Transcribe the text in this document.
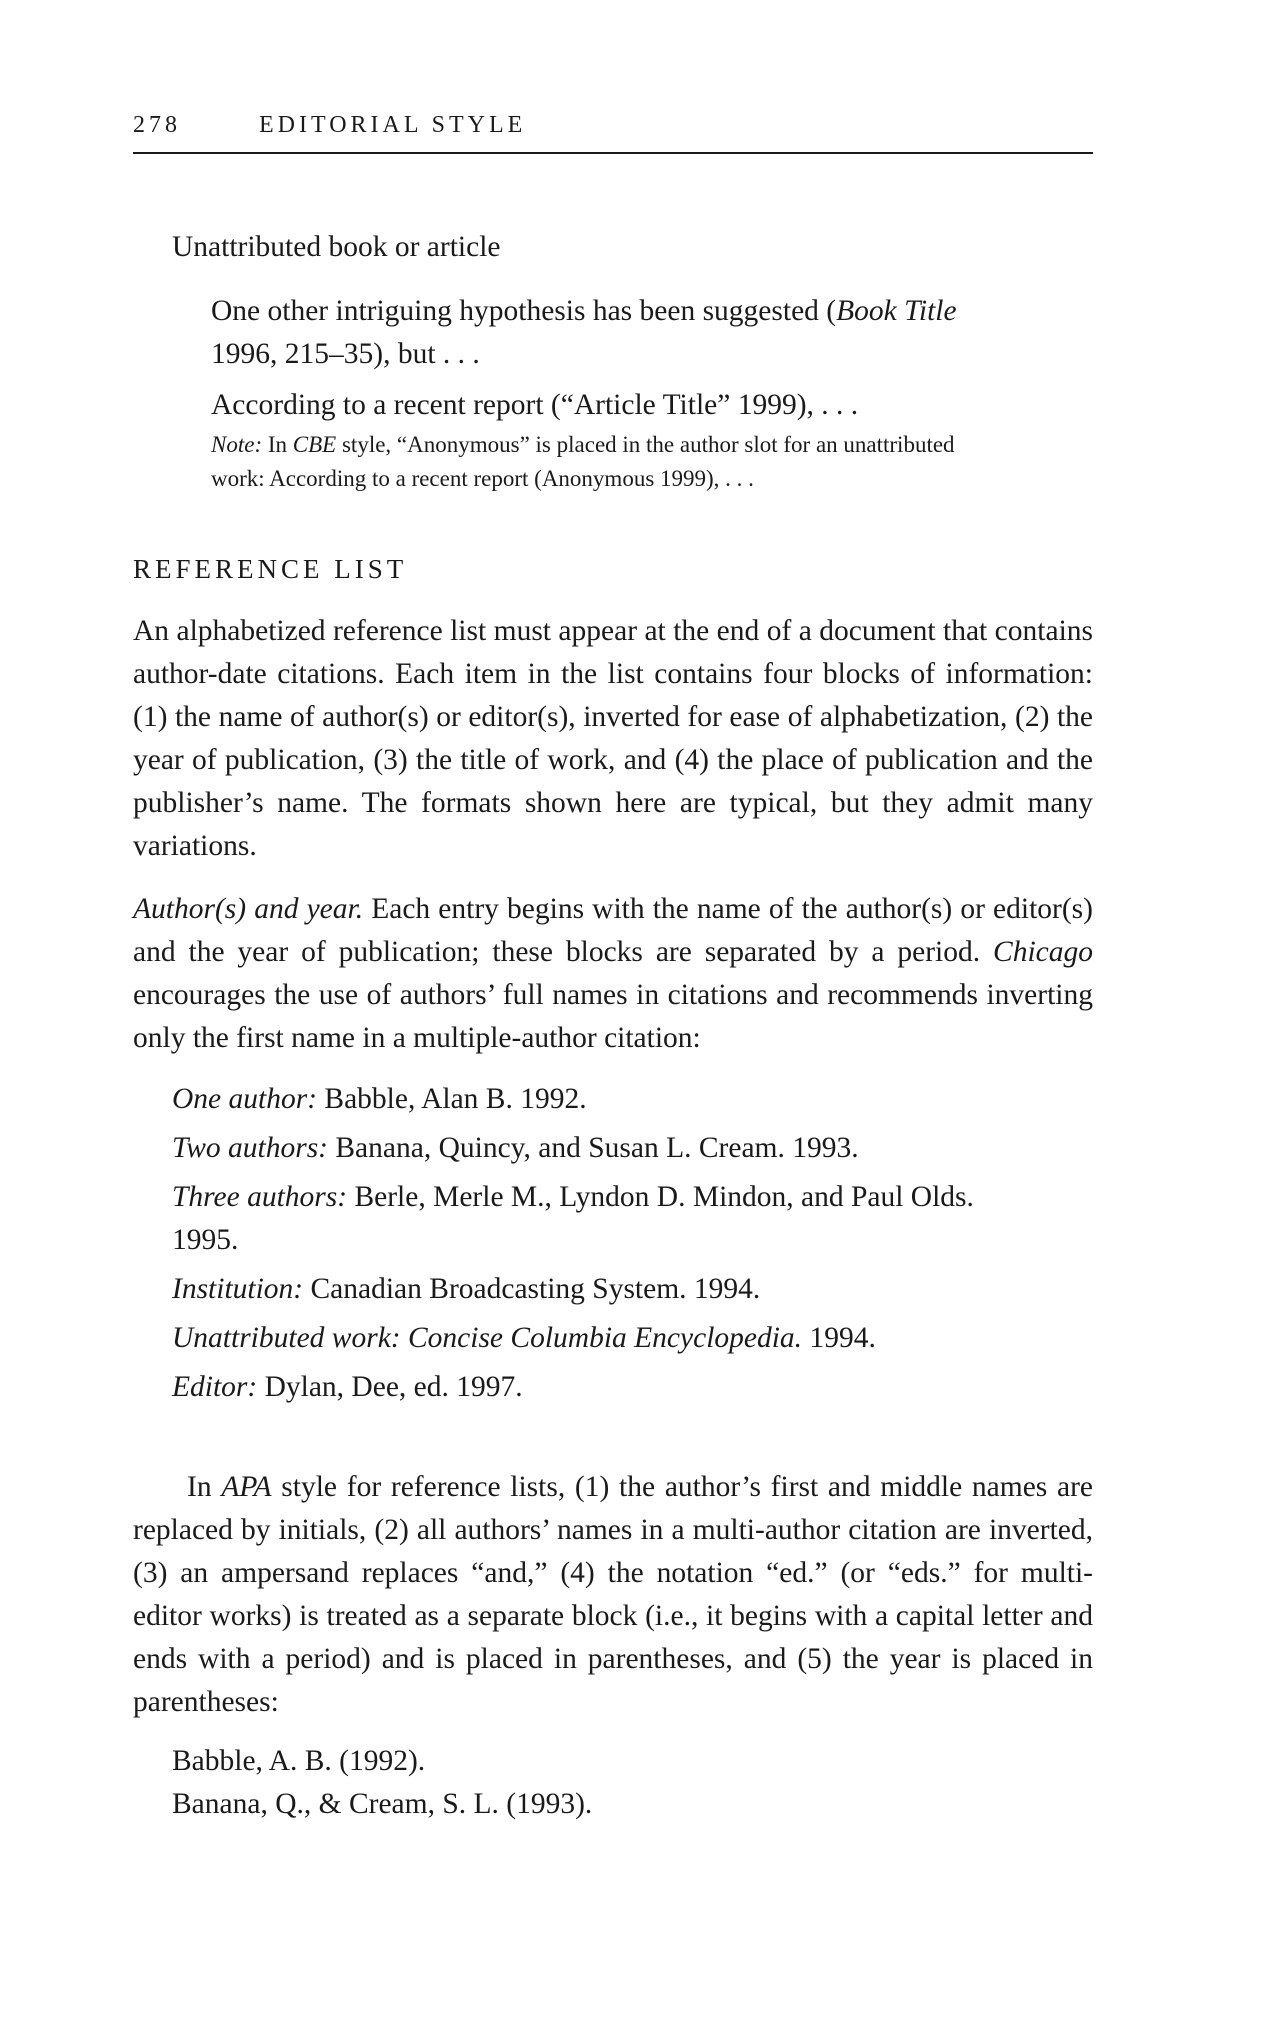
278	EDITORIAL STYLE
Unattributed book or article
One other intriguing hypothesis has been suggested (Book Title
1996, 215–35), but . . .
According to a recent report (“Article Title” 1999), . . .
Note: In CBE style, “Anonymous” is placed in the author slot for an unattributed
work: According to a recent report (Anonymous 1999), . . .
REFERENCE LIST
An alphabetized reference list must appear at the end of a document that contains author-date citations. Each item in the list contains four blocks of information: (1) the name of author(s) or editor(s), inverted for ease of alphabetization, (2) the year of publication, (3) the title of work, and (4) the place of publication and the publisher’s name. The formats shown here are typical, but they admit many variations.
Author(s) and year. Each entry begins with the name of the author(s) or editor(s) and the year of publication; these blocks are separated by a period. Chicago encourages the use of authors’ full names in citations and recommends inverting only the first name in a multiple-author citation:
One author: Babble, Alan B. 1992.
Two authors: Banana, Quincy, and Susan L. Cream. 1993.
Three authors: Berle, Merle M., Lyndon D. Mindon, and Paul Olds. 1995.
Institution: Canadian Broadcasting System. 1994.
Unattributed work: Concise Columbia Encyclopedia. 1994.
Editor: Dylan, Dee, ed. 1997.
In APA style for reference lists, (1) the author’s first and middle names are replaced by initials, (2) all authors’ names in a multi-author citation are inverted, (3) an ampersand replaces “and,” (4) the notation “ed.” (or “eds.” for multi-editor works) is treated as a separate block (i.e., it begins with a capital letter and ends with a period) and is placed in parentheses, and (5) the year is placed in parentheses:
Babble, A. B. (1992).
Banana, Q., & Cream, S. L. (1993).
